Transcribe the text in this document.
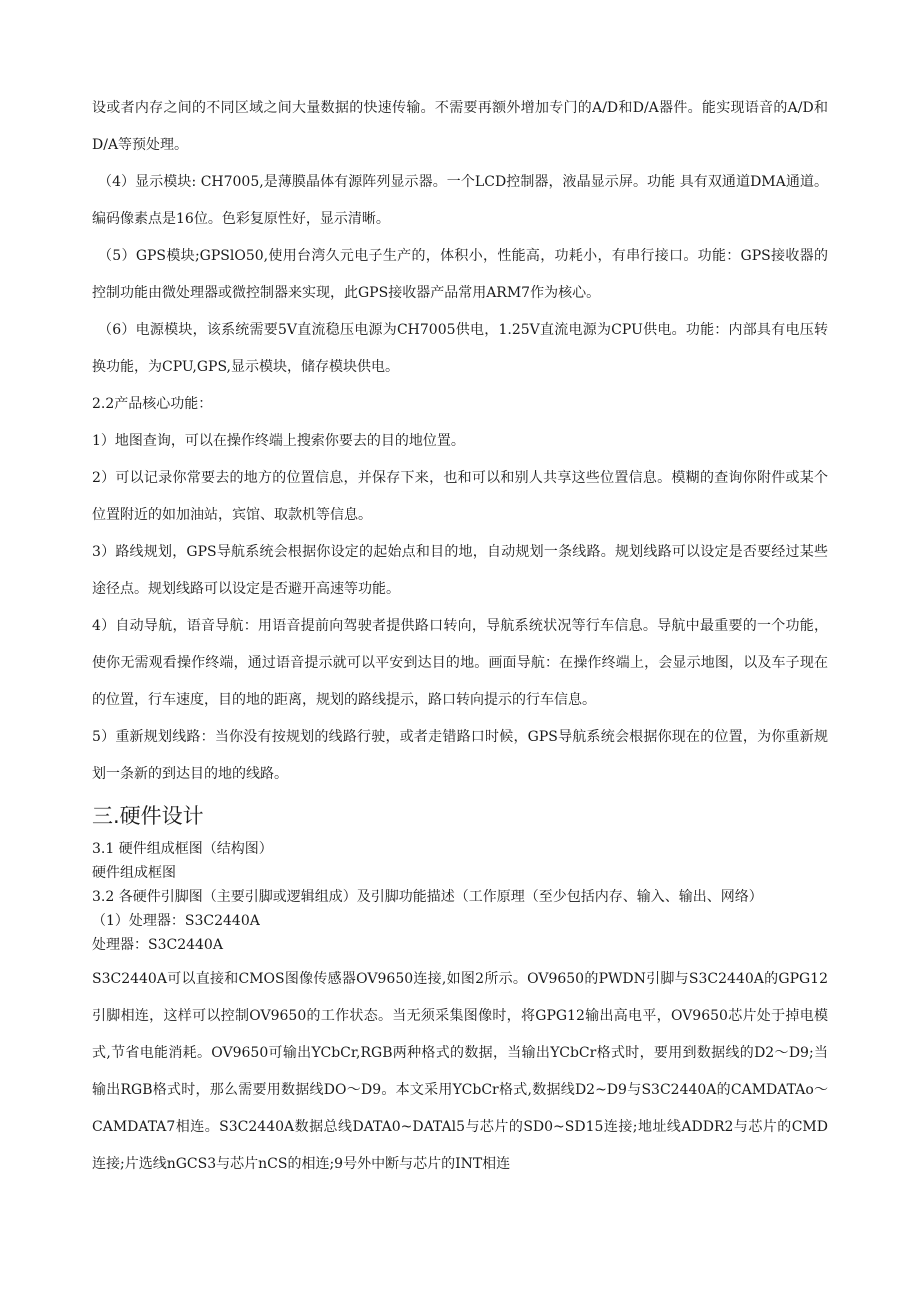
设或者内存之间的不同区域之间大量数据的快速传输。不需要再额外增加专门的A/D和D/A器件。能实现语音的A/D和D/A等预处理。

（4）显示模块: CH7005,是薄膜晶体有源阵列显示器。一个LCD控制器，液晶显示屏。功能 具有双通道DMA通道。编码像素点是16位。色彩复原性好，显示清晰。

（5）GPS模块;GPSlO50,使用台湾久元电子生产的，体积小，性能高，功耗小，有串行接口。功能：GPS接收器的控制功能由微处理器或微控制器来实现，此GPS接收器产品常用ARM7作为核心。

（6）电源模块，该系统需要5V直流稳压电源为CH7005供电，1.25V直流电源为CPU供电。功能：内部具有电压转换功能，为CPU,GPS,显示模块，储存模块供电。

2.2产品核心功能：

1）地图查询，可以在操作终端上搜索你要去的目的地位置。

2）可以记录你常要去的地方的位置信息，并保存下来，也和可以和别人共享这些位置信息。模糊的查询你附件或某个位置附近的如加油站，宾馆、取款机等信息。

3）路线规划，GPS导航系统会根据你设定的起始点和目的地，自动规划一条线路。规划线路可以设定是否要经过某些途径点。规划线路可以设定是否避开高速等功能。

4）自动导航，语音导航：用语音提前向驾驶者提供路口转向，导航系统状况等行车信息。导航中最重要的一个功能，使你无需观看操作终端，通过语音提示就可以平安到达目的地。画面导航：在操作终端上，会显示地图，以及车子现在的位置，行车速度，目的地的距离，规划的路线提示，路口转向提示的行车信息。

5）重新规划线路：当你没有按规划的线路行驶，或者走错路口时候，GPS导航系统会根据你现在的位置，为你重新规划一条新的到达目的地的线路。

三.硬件设计

3.1 硬件组成框图（结构图）

硬件组成框图

3.2 各硬件引脚图（主要引脚或逻辑组成）及引脚功能描述（工作原理（至少包括内存、输入、输出、网络）

（1）处理器：S3C2440A

处理器：S3C2440A

S3C2440A可以直接和CMOS图像传感器OV9650连接,如图2所示。OV9650的PWDN引脚与S3C2440A的GPG12引脚相连，这样可以控制OV9650的工作状态。当无须采集图像时，将GPG12输出高电平，OV9650芯片处于掉电模式,节省电能消耗。OV9650可输出YCbCr,RGB两种格式的数据，当输出YCbCr格式时，要用到数据线的D2～D9;当输出RGB格式时，那么需要用数据线DO～D9。本文采用YCbCr格式,数据线D2~D9与S3C2440A的CAMDATAo～CAMDATA7相连。S3C2440A数据总线DATA0~DATAl5与芯片的SD0~SD15连接;地址线ADDR2与芯片的CMD连接;片选线nGCS3与芯片nCS的相连;9号外中断与芯片的INT相连
